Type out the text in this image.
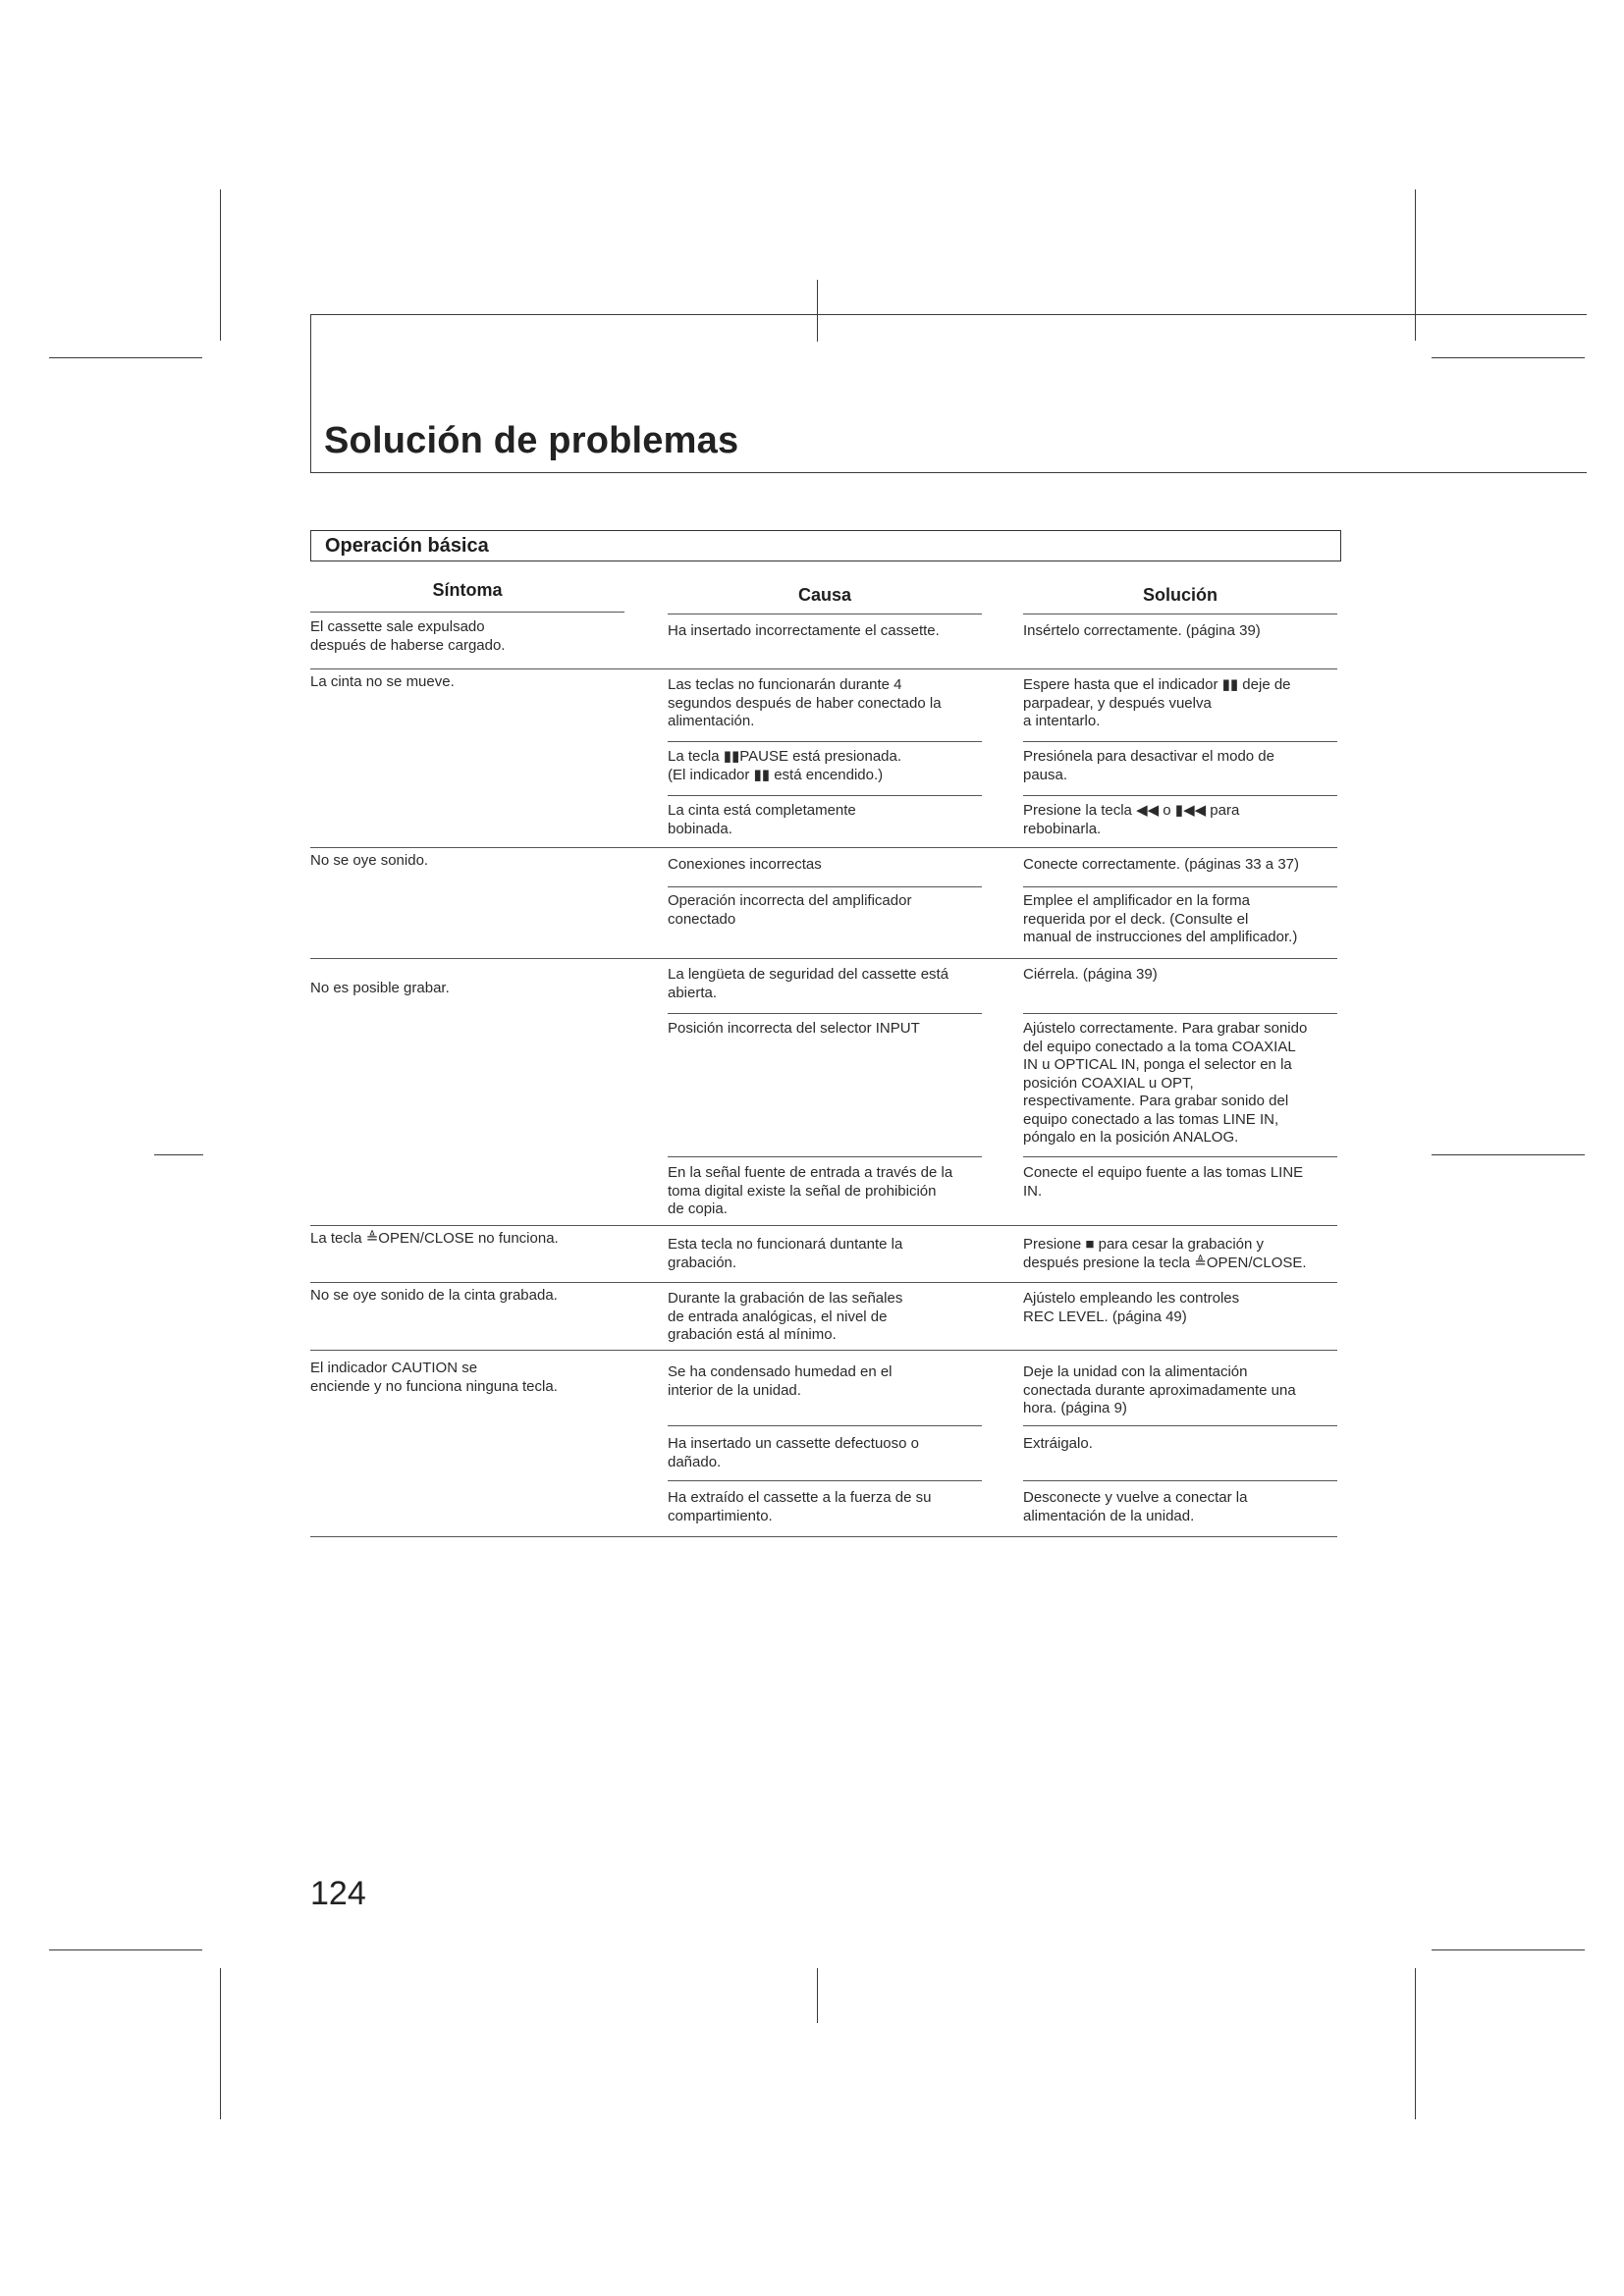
Solución de problemas
Operación básica
Síntoma	Causa	Solución
El cassette sale expulsado
después de haberse cargado.
La cinta no se mueve.
No se oye sonido.
No es posible grabar.
La tecla ≜OPEN/CLOSE no funciona.
No se oye sonido de la cinta grabada.
El indicador CAUTION se
enciende y no funciona ninguna tecla.
Ha insertado incorrectamente el cassette.
Las teclas no funcionarán durante 4
segundos después de haber conectado la
alimentación.
La tecla ▮▮PAUSE está presionada.
(El indicador ▮▮ está encendido.)
La cinta está completamente
bobinada.
Conexiones incorrectas
Operación incorrecta del amplificador
conectado
La lengüeta de seguridad del cassette está
abierta.
Posición incorrecta del selector INPUT
En la señal fuente de entrada a través de la
toma digital existe la señal de prohibición
de copia.
Esta tecla no funcionará duntante la
grabación.
Durante la grabación de las señales
de entrada analógicas, el nivel de
grabación está al mínimo.
Se ha condensado humedad en el
interior de la unidad.
Ha insertado un cassette defectuoso o
dañado.
Ha extraído el cassette a la fuerza de su
compartimiento.
Insértelo correctamente. (página 39)
Espere hasta que el indicador ▮▮ deje de
parpadear, y después vuelva
a intentarlo.
Presiónela para desactivar el modo de
pausa.
Presione la tecla ◀◀ o ▮◀◀ para
rebobinarla.
Conecte correctamente. (páginas 33 a 37)
Emplee el amplificador en la forma
requerida por el deck. (Consulte el
manual de instrucciones del amplificador.)
Ciérrela. (página 39)
Ajústelo correctamente. Para grabar sonido
del equipo conectado a la toma COAXIAL
IN u OPTICAL IN, ponga el selector en la
posición COAXIAL u OPT,
respectivamente. Para grabar sonido del
equipo conectado a las tomas LINE IN,
póngalo en la posición ANALOG.
Conecte el equipo fuente a las tomas LINE
IN.
Presione ■ para cesar la grabación y
después presione la tecla ≜OPEN/CLOSE.
Ajústelo empleando les controles
REC LEVEL. (página 49)
Deje la unidad con la alimentación
conectada durante aproximadamente una
hora. (página 9)
Extráigalo.
Desconecte y vuelve a conectar la
alimentación de la unidad.
124
